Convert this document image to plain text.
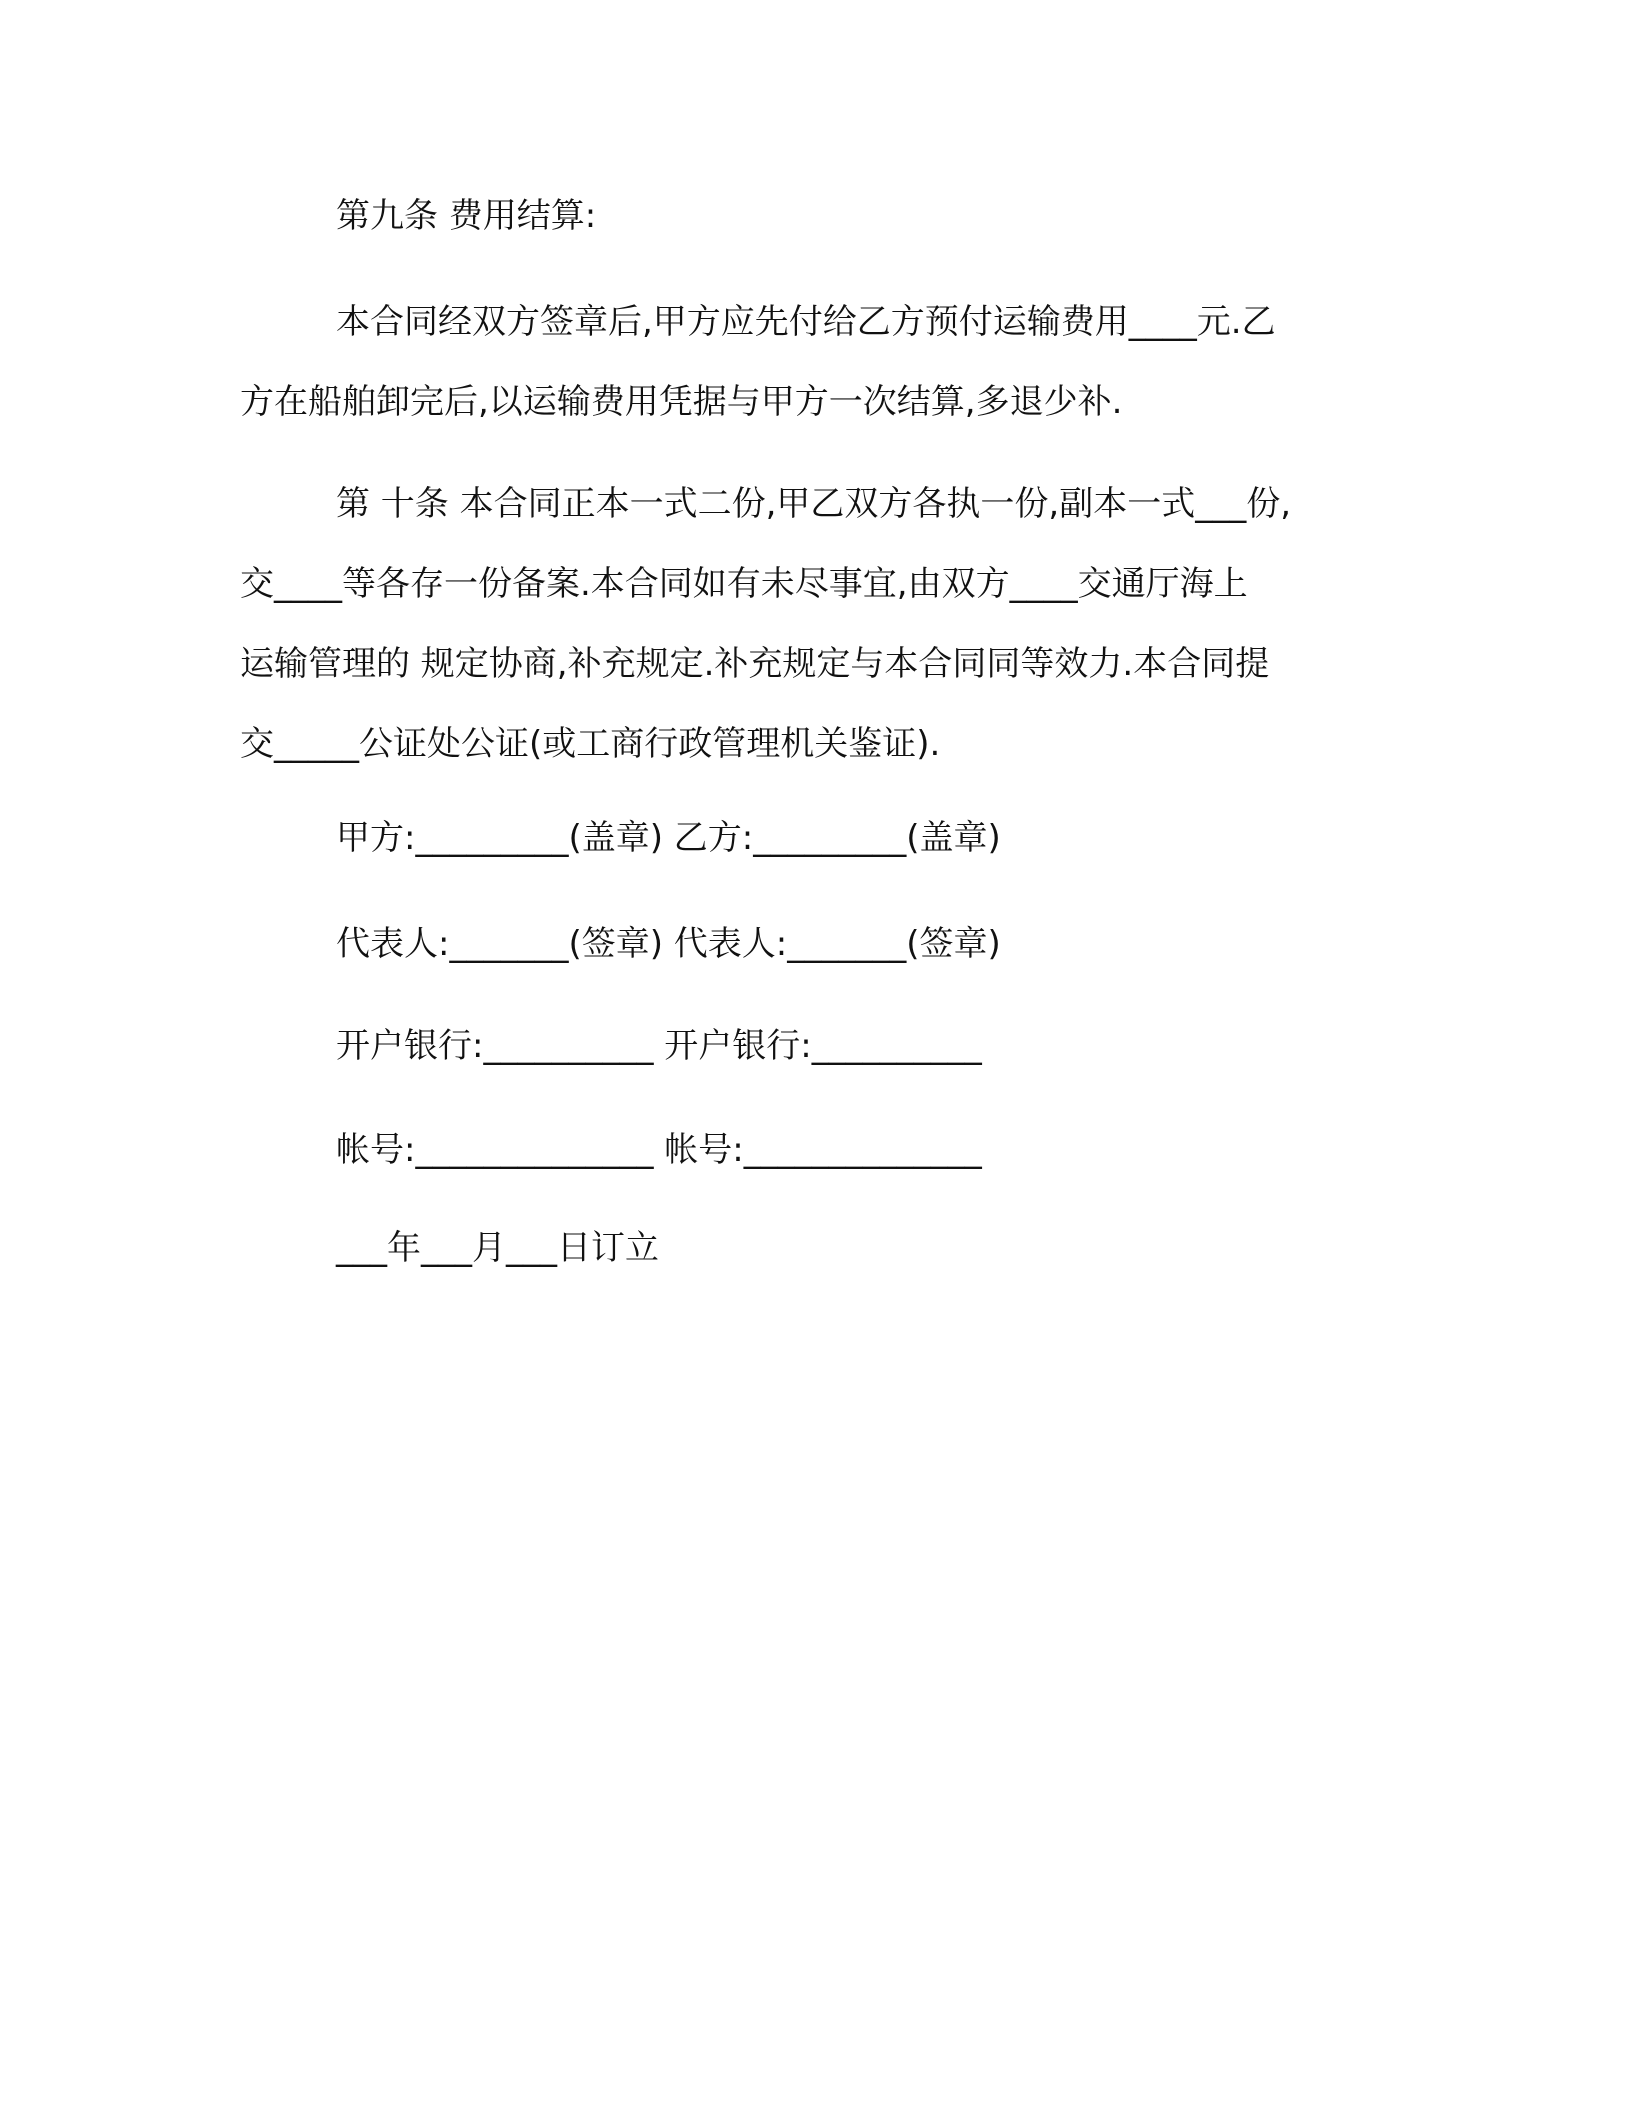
第九条 费用结算:
本合同经双方签章后,甲方应先付给乙方预付运输费用____元.乙
方在船舶卸完后,以运输费用凭据与甲方一次结算,多退少补.
第 十条 本合同正本一式二份,甲乙双方各执一份,副本一式___份,
交____等各存一份备案.本合同如有未尽事宜,由双方____交通厅海上
运输管理的 规定协商,补充规定.补充规定与本合同同等效力.本合同提
交_____公证处公证(或工商行政管理机关鉴证).
甲方:_________(盖章) 乙方:_________(盖章)
代表人:_______(签章) 代表人:_______(签章)
开户银行:__________ 开户银行:__________
帐号:______________ 帐号:______________
___年___月___日订立
